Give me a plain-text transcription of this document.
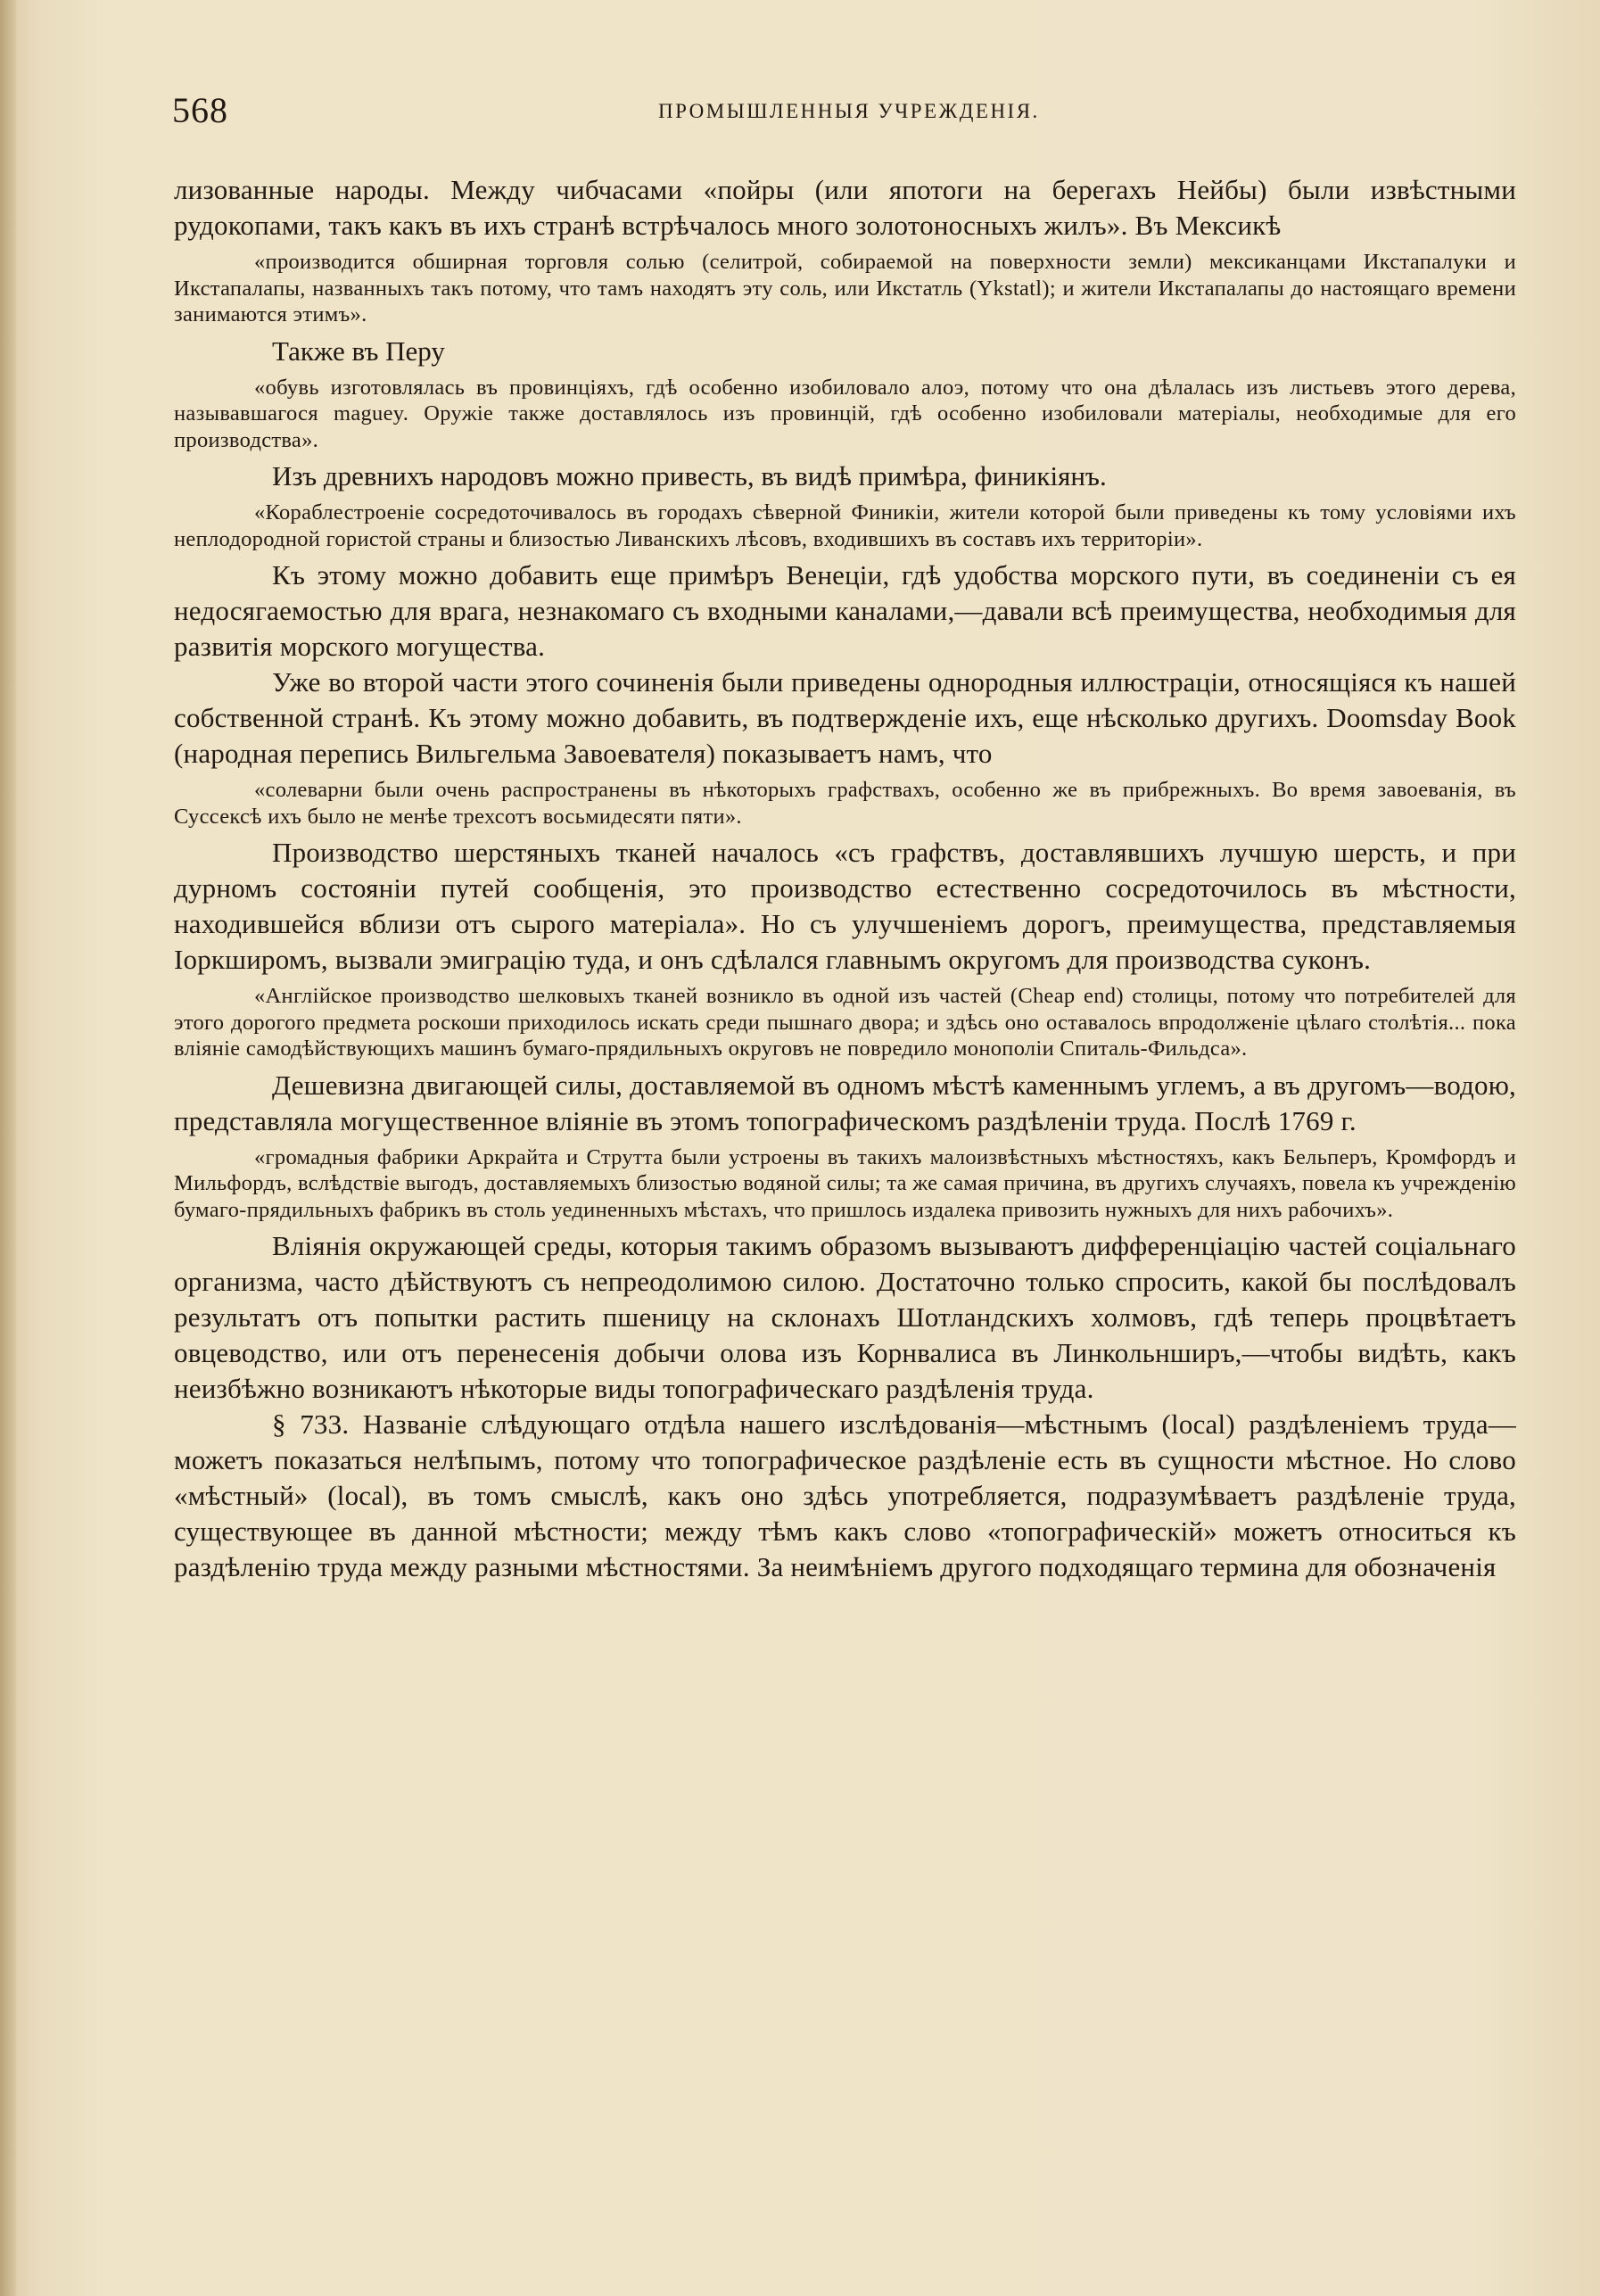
568	ПРОМЫШЛЕННЫЯ УЧРЕЖДЕНІЯ.

лизованные народы. Между чибчасами «пойры (или япотоги на берегахъ Нейбы) были извѣстными рудокопами, такъ какъ въ ихъ странѣ встрѣчалось много золотоносныхъ жилъ». Въ Мексикѣ

«производится обширная торговля солью (селитрой, собираемой на поверхности земли) мексиканцами Икстапалуки и Икстапалапы, названныхъ такъ потому, что тамъ находятъ эту соль, или Икстатль (Ykstatl); и жители Икстапалапы до настоящаго времени занимаются этимъ».

Также въ Перу

«обувь изготовлялась въ провинціяхъ, гдѣ особенно изобиловало алоэ, потому что она дѣлалась изъ листьевъ этого дерева, называвшагося maguey. Оружіе также доставлялось изъ провинцій, гдѣ особенно изобиловали матеріалы, необходимые для его производства».

Изъ древнихъ народовъ можно привесть, въ видѣ примѣра, финикіянъ.

«Кораблестроеніе сосредоточивалось въ городахъ сѣверной Финикіи, жители которой были приведены къ тому условіями ихъ неплодородной гористой страны и близостью Ливанскихъ лѣсовъ, входившихъ въ составъ ихъ территоріи».

Къ этому можно добавить еще примѣръ Венеціи, гдѣ удобства морского пути, въ соединеніи съ ея недосягаемостью для врага, незнакомаго съ входными каналами,—давали всѣ преимущества, необходимыя для развитія морского могущества.

Уже во второй части этого сочиненія были приведены однородныя иллюстраціи, относящіяся къ нашей собственной странѣ. Къ этому можно добавить, въ подтвержденіе ихъ, еще нѣсколько другихъ. Doomsday Book (народная перепись Вильгельма Завоевателя) показываетъ намъ, что

«солеварни были очень распространены въ нѣкоторыхъ графствахъ, особенно же въ прибрежныхъ. Во время завоеванія, въ Суссексѣ ихъ было не менѣе трехсотъ восьмидесяти пяти».

Производство шерстяныхъ тканей началось «съ графствъ, доставлявшихъ лучшую шерсть, и при дурномъ состояніи путей сообщенія, это производство естественно сосредоточилось въ мѣстности, находившейся вблизи отъ сырого матеріала». Но съ улучшеніемъ дорогъ, преимущества, представляемыя Іоркширомъ, вызвали эмиграцію туда, и онъ сдѣлался главнымъ округомъ для производства суконъ.

«Англійское производство шелковыхъ тканей возникло въ одной изъ частей (Cheap end) столицы, потому что потребителей для этого дорогого предмета роскоши приходилось искать среди пышнаго двора; и здѣсь оно оставалось впродолженіе цѣлаго столѣтія... пока вліяніе самодѣйствующихъ машинъ бумаго-прядильныхъ округовъ не повредило монополіи Спиталь-Фильдса».

Дешевизна двигающей силы, доставляемой въ одномъ мѣстѣ каменнымъ углемъ, а въ другомъ—водою, представляла могущественное вліяніе въ этомъ топографическомъ раздѣленіи труда. Послѣ 1769 г.

«громадныя фабрики Аркрайта и Струтта были устроены въ такихъ малоизвѣстныхъ мѣстностяхъ, какъ Бельперъ, Кромфордъ и Мильфордъ, вслѣдствіе выгодъ, доставляемыхъ близостью водяной силы; та же самая причина, въ другихъ случаяхъ, повела къ учрежденію бумаго-прядильныхъ фабрикъ въ столь уединенныхъ мѣстахъ, что пришлось издалека привозить нужныхъ для нихъ рабочихъ».

Вліянія окружающей среды, которыя такимъ образомъ вызываютъ дифференціацію частей соціальнаго организма, часто дѣйствуютъ съ непреодолимою силою. Достаточно только спросить, какой бы послѣдовалъ результатъ отъ попытки растить пшеницу на склонахъ Шотландскихъ холмовъ, гдѣ теперь процвѣтаетъ овцеводство, или отъ перенесенія добычи олова изъ Корнвалиса въ Линкольнширъ,—чтобы видѣть, какъ неизбѣжно возникаютъ нѣкоторые виды топографическаго раздѣленія труда.

§ 733. Названіе слѣдующаго отдѣла нашего изслѣдованія—мѣстнымъ (local) раздѣленіемъ труда—можетъ показаться нелѣпымъ, потому что топографическое раздѣленіе есть въ сущности мѣстное. Но слово «мѣстный» (local), въ томъ смыслѣ, какъ оно здѣсь употребляется, подразумѣваетъ раздѣленіе труда, существующее въ данной мѣстности; между тѣмъ какъ слово «топографическій» можетъ относиться къ раздѣленію труда между разными мѣстностями. За неимѣніемъ другого подходящаго термина для обозначенія
